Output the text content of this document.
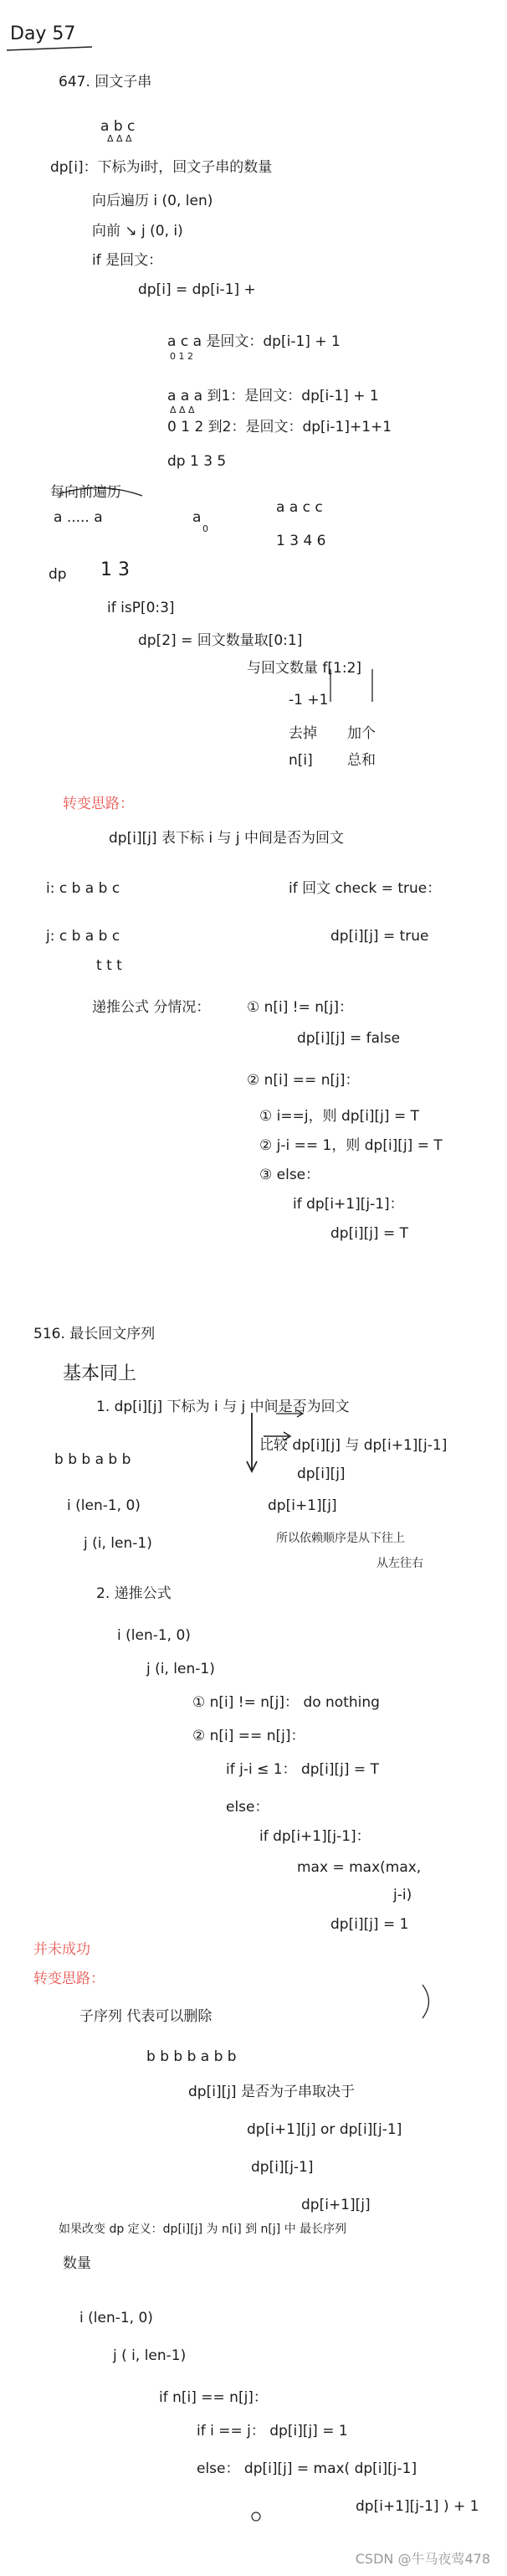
Day 57
647. 回文子串
a b c
Δ Δ Δ
dp[i]：下标为i时，回文子串的数量
向后遍历 i (0, len)
向前 ↘ j (0, i)
if 是回文：
dp[i] = dp[i-1] +
a c a 是回文：dp[i-1] + 1
0 1 2
a a a 到1：是回文：dp[i-1] + 1
Δ Δ Δ
0 1 2 到2：是回文：dp[i-1]+1+1
dp 1 3 5
每向前遍历
a a c c
1 3 4 6
a ..... a	a
0
dp 1 3
if isP[0:3]
dp[2] = 回文数量取[0:1]
与回文数量 f[1:2]
-1 +1
去掉 加个
n[i] 总和
转变思路：
dp[i][j] 表下标 i 与 j 中间是否为回文
i: c b a b c	if 回文 check = true：
j: c b a b c	dp[i][j] = true
t t t
递推公式 分情况：	① n[i] != n[j]：
dp[i][j] = false
② n[i] == n[j]：
① i==j，则 dp[i][j] = T
② j-i == 1，则 dp[i][j] = T
③ else：
if dp[i+1][j-1]：
dp[i][j] = T
516. 最长回文序列
基本同上
1. dp[i][j] 下标为 i 与 j 中间是否为回文
b b b a b b
比较 dp[i][j] 与 dp[i+1][j-1]
dp[i][j]
i (len-1, 0)	dp[i+1][j]
j (i, len-1)	所以依赖顺序是从下往上
从左往右
2. 递推公式
i (len-1, 0)
j (i, len-1)
① n[i] != n[j]： do nothing
② n[i] == n[j]：
if j-i ≤ 1： dp[i][j] = T
else：
if dp[i+1][j-1]：
max = max(max,
j-i)
dp[i][j] = 1
并未成功
转变思路：
子序列 代表可以删除
b b b b a b b
dp[i][j] 是否为子串取决于
dp[i+1][j] or dp[i][j-1]
dp[i][j-1]
dp[i+1][j]
如果改变 dp 定义：dp[i][j] 为 n[i] 到 n[j] 中 最长序列
数量
i (len-1, 0)
j ( i, len-1)
if n[i] == n[j]：
if i == j： dp[i][j] = 1
else： dp[i][j] = max( dp[i][j-1]
dp[i+1][j-1] ) + 1
CSDN @牛马夜莺478
